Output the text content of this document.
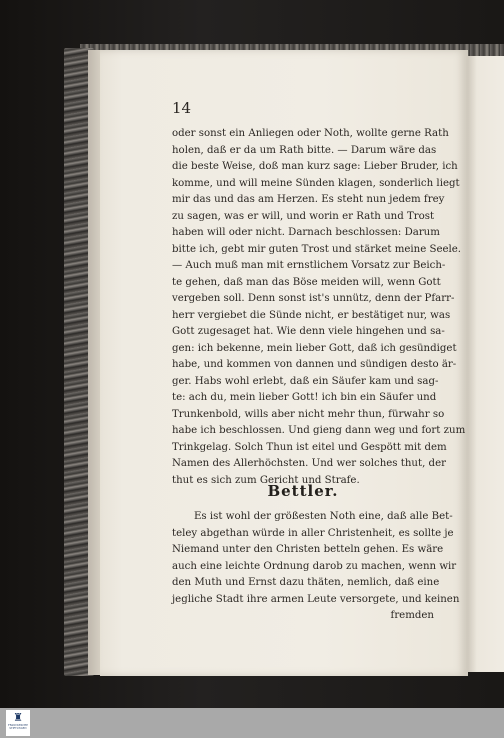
14
oder sonst ein Anliegen oder Noth, wollte gerne Rath
holen, daß er da um Rath bitte. — Darum wäre das
die beste Weise, doß man kurz sage: Lieber Bruder, ich
komme, und will meine Sünden klagen, sonderlich liegt
mir das und das am Herzen. Es steht nun jedem frey
zu sagen, was er will, und worin er Rath und Trost
haben will oder nicht. Darnach beschlossen: Darum
bitte ich, gebt mir guten Trost und stärket meine Seele.
— Auch muß man mit ernstlichem Vorsatz zur Beich-
te gehen, daß man das Böse meiden will, wenn Gott
vergeben soll. Denn sonst ist's unnütz, denn der Pfarr-
herr vergiebet die Sünde nicht, er bestätiget nur, was
Gott zugesaget hat. Wie denn viele hingehen und sa-
gen: ich bekenne, mein lieber Gott, daß ich gesündiget
habe, und kommen von dannen und sündigen desto är-
ger. Habs wohl erlebt, daß ein Säufer kam und sag-
te: ach du, mein lieber Gott! ich bin ein Säufer und
Trunkenbold, wills aber nicht mehr thun, fürwahr so
habe ich beschlossen. Und gieng dann weg und fort zum
Trinkgelag. Solch Thun ist eitel und Gespött mit dem
Namen des Allerhöchsten. Und wer solches thut, der
thut es sich zum Gericht und Strafe.
Bettler.
Es ist wohl der größesten Noth eine, daß alle Bet-
teley abgethan würde in aller Christenheit, es sollte je
Niemand unter den Christen betteln gehen. Es wäre
auch eine leichte Ordnung darob zu machen, wenn wir
den Muth und Ernst dazu thäten, nemlich, daß eine
jegliche Stadt ihre armen Leute versorgete, und keinen
fremden
♜
FRANCKESCHE STIFTUNGEN
